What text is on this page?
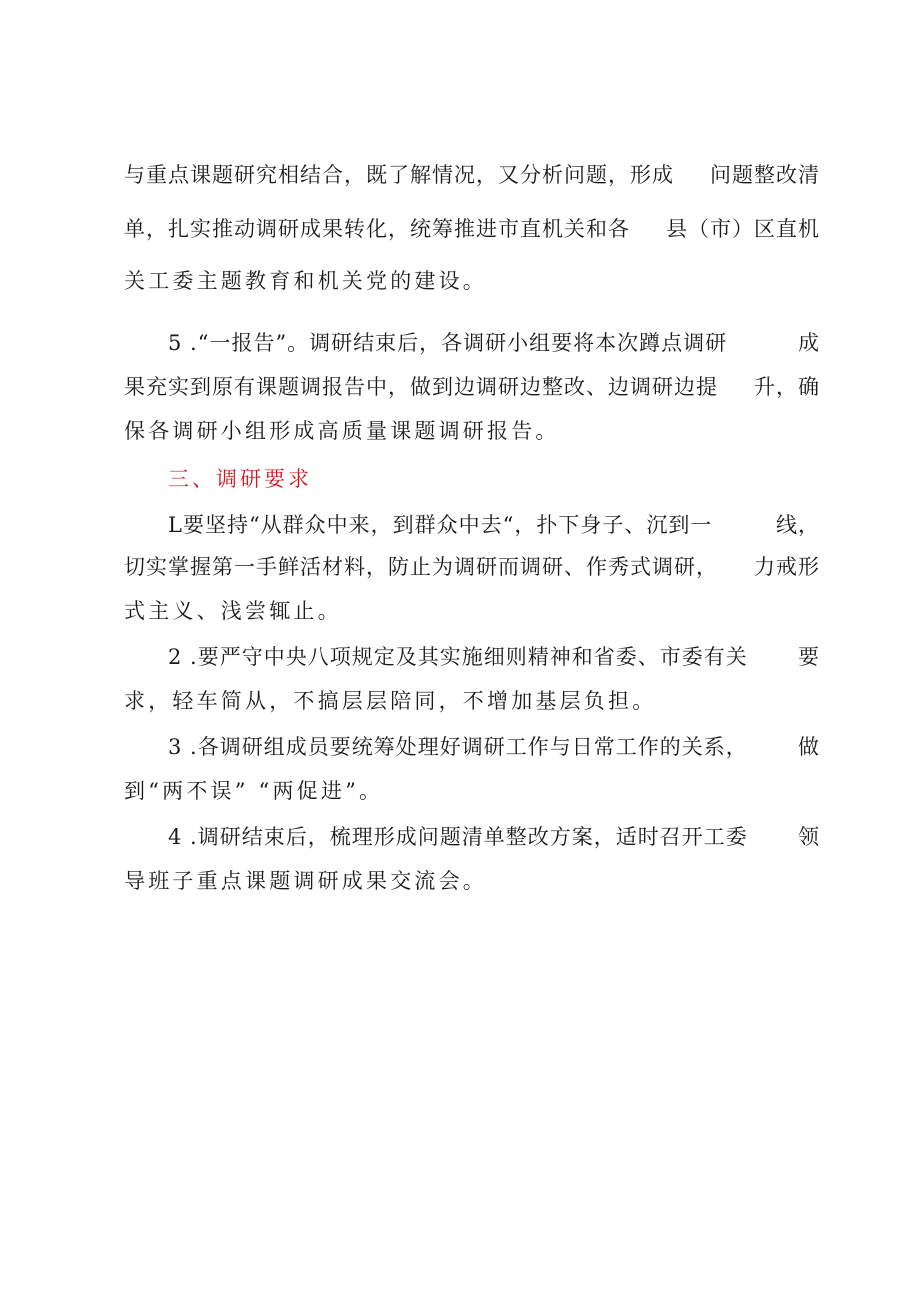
与重点课题研究相结合，既了解情况，又分析问题，形成 问题整改清
单，扎实推动调研成果转化，统筹推进市直机关和各 县（市）区直机
关工委主题教育和机关党的建设。
5 .“一报告”。调研结束后，各调研小组要将本次蹲点调研	成
果充实到原有课题调报告中，做到边调研边整改、边调研边提 升，确
保各调研小组形成高质量课题调研报告。
三、调研要求
L要坚持“从群众中来，到群众中去“，扑下身子、沉到一	线，
切实掌握第一手鲜活材料，防止为调研而调研、作秀式调研， 力戒形
式主义、浅尝辄止。
2 .要严守中央八项规定及其实施细则精神和省委、市委有关 要
求，轻车简从，不搞层层陪同，不增加基层负担。
3 .各调研组成员要统筹处理好调研工作与日常工作的关系， 做
到“两不误” “两促进”。
4 .调研结束后，梳理形成问题清单整改方案，适时召开工委 领
导班子重点课题调研成果交流会。
